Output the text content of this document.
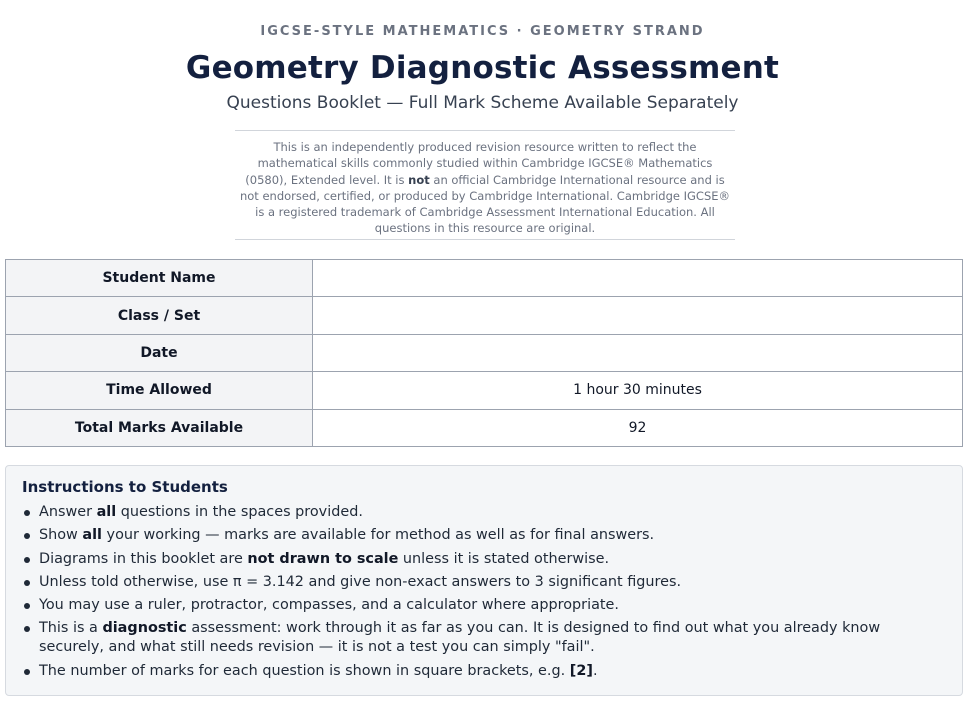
IGCSE-STYLE MATHEMATICS · GEOMETRY STRAND
Geometry Diagnostic Assessment
Questions Booklet — Full Mark Scheme Available Separately
This is an independently produced revision resource written to reflect the mathematical skills commonly studied within Cambridge IGCSE® Mathematics (0580), Extended level. It is not an official Cambridge International resource and is not endorsed, certified, or produced by Cambridge International. Cambridge IGCSE® is a registered trademark of Cambridge Assessment International Education. All questions in this resource are original.
Student Name	
Class / Set	
Date	
Time Allowed	1 hour 30 minutes
Total Marks Available	92
Instructions to Students
Answer all questions in the spaces provided.
Show all your working — marks are available for method as well as for final answers.
Diagrams in this booklet are not drawn to scale unless it is stated otherwise.
Unless told otherwise, use π = 3.142 and give non-exact answers to 3 significant figures.
You may use a ruler, protractor, compasses, and a calculator where appropriate.
This is a diagnostic assessment: work through it as far as you can. It is designed to find out what you already know securely, and what still needs revision — it is not a test you can simply "fail".
The number of marks for each question is shown in square brackets, e.g. [2].
